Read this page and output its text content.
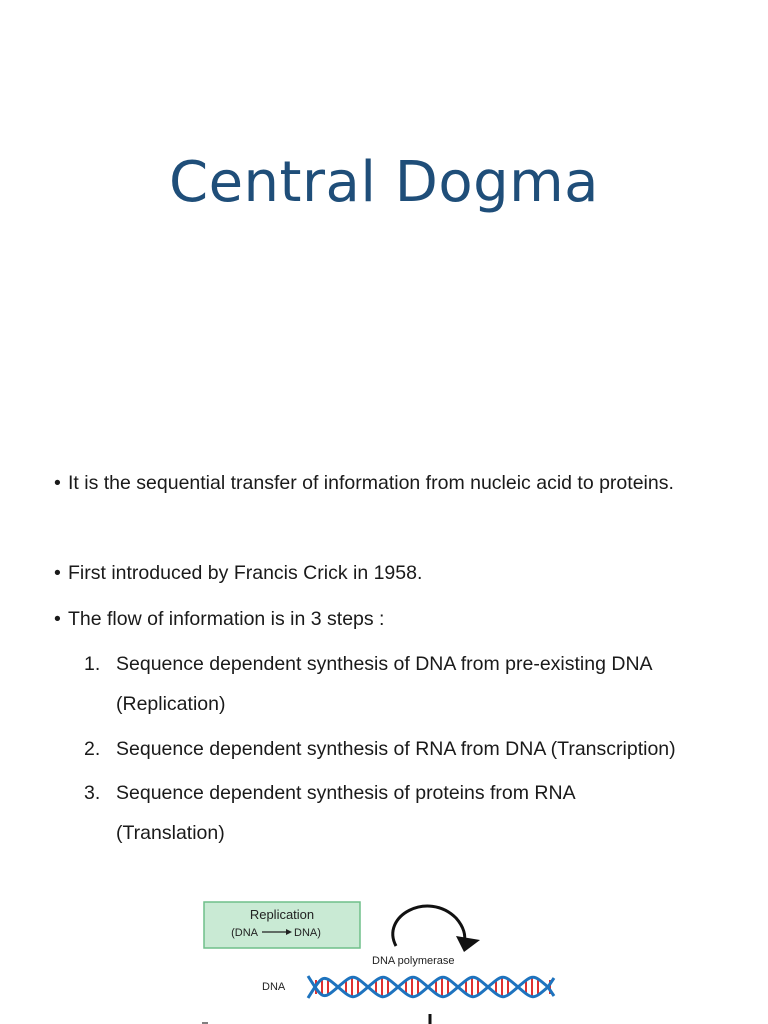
Central Dogma
• It is the sequential transfer of information from nucleic acid to proteins.
• First introduced by Francis Crick in 1958.
• The flow of information is in 3 steps :
1. Sequence dependent synthesis of DNA from pre-existing DNA (Replication)
2. Sequence dependent synthesis of RNA from DNA (Transcription)
3. Sequence dependent synthesis of proteins from RNA (Translation)
Replication
(DNA	DNA)
DNA polymerase
DNA
